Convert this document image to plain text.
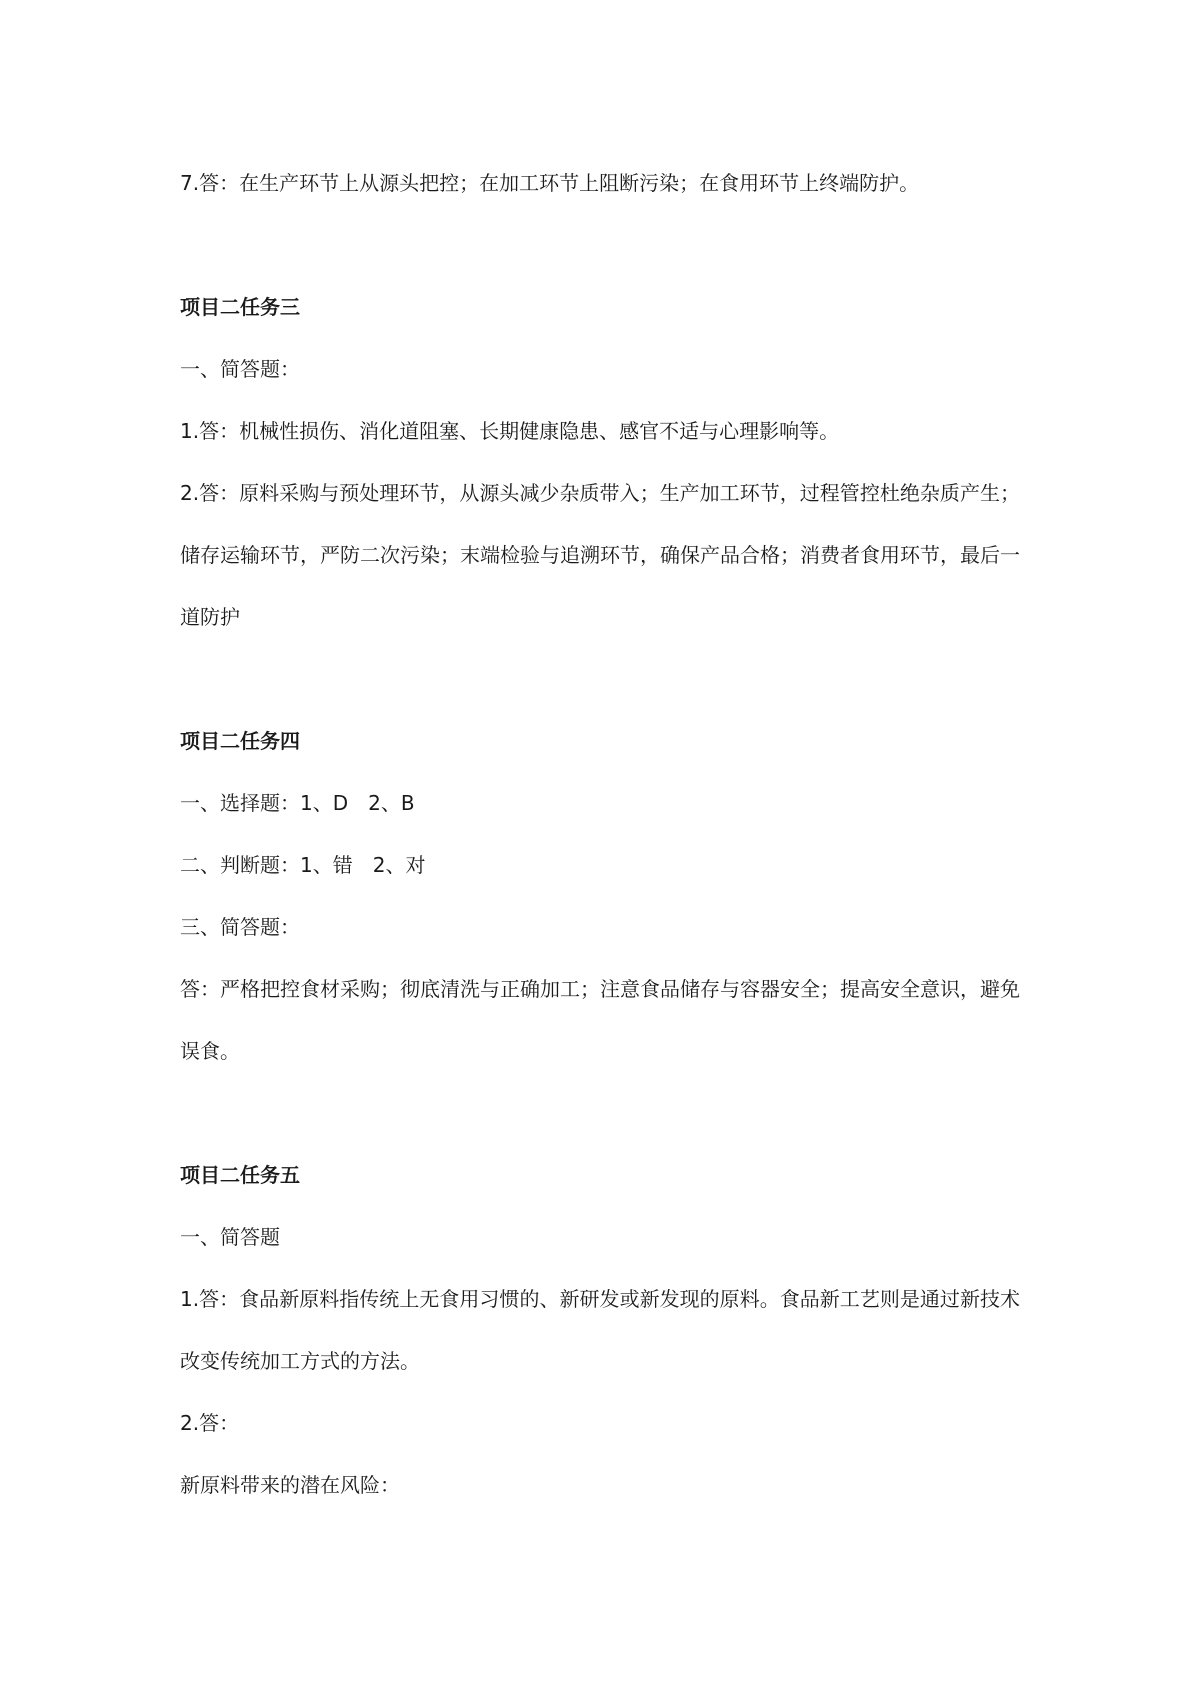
7.答：在生产环节上从源头把控；在加工环节上阻断污染；在食用环节上终端防护。

项目二任务三

一、简答题：

1.答：机械性损伤、消化道阻塞、长期健康隐患、感官不适与心理影响等。

2.答：原料采购与预处理环节，从源头减少杂质带入；生产加工环节，过程管控杜绝杂质产生；储存运输环节，严防二次污染；末端检验与追溯环节，确保产品合格；消费者食用环节，最后一道防护

项目二任务四

一、选择题：1、D　2、B

二、判断题：1、错　2、对

三、简答题：

答：严格把控食材采购；彻底清洗与正确加工；注意食品储存与容器安全；提高安全意识，避免误食。

项目二任务五

一、简答题

1.答：食品新原料指传统上无食用习惯的、新研发或新发现的原料。食品新工艺则是通过新技术改变传统加工方式的方法。

2.答：

新原料带来的潜在风险：
